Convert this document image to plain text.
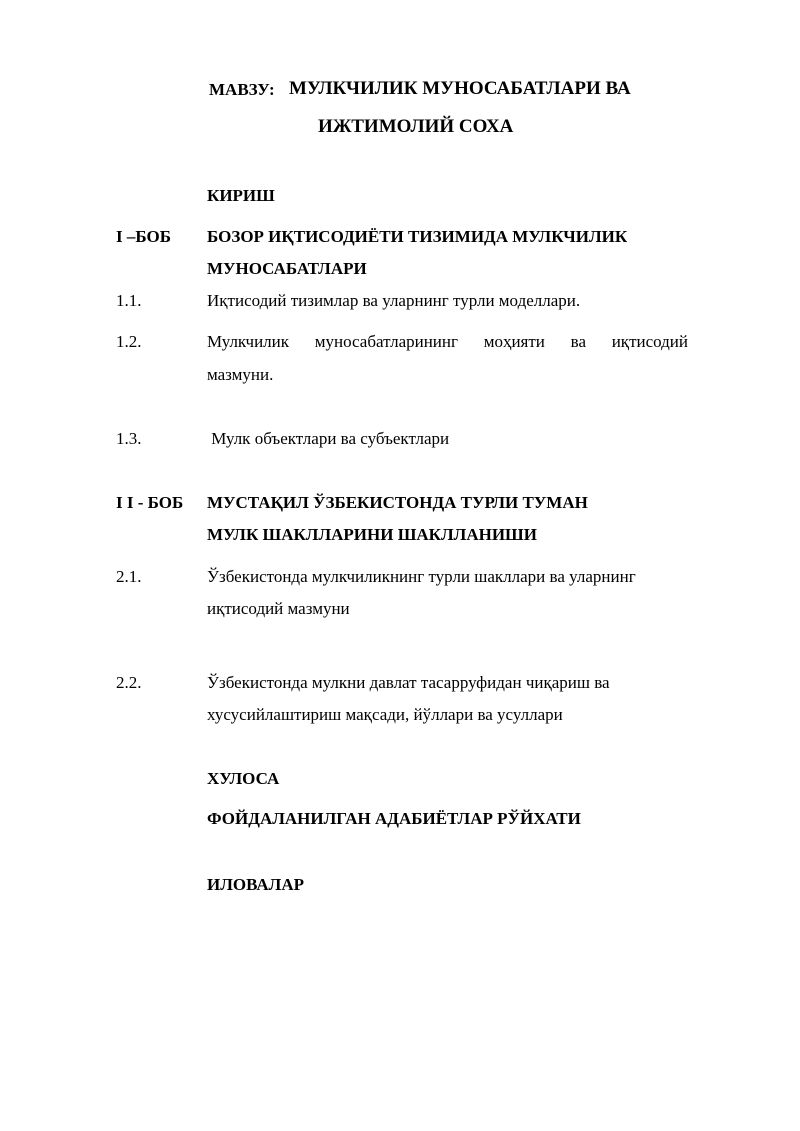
МАВЗУ: МУЛКЧИЛИК МУНОСАБАТЛАРИ ВА
ИЖТИМОЛИЙ СОХА
КИРИШ
I –БОБ БОЗОР ИҚТИСОДИЁТИ ТИЗИМИДА МУЛКЧИЛИК
МУНОСАБАТЛАРИ
1.1.	Иқтисодий тизимлар ва уларнинг турли моделлари.
1.2.	Мулкчилик муносабатларининг моҳияти ва иқтисодий
мазмуни.
1.3.	Мулк объектлари ва субъектлари
I I - БОБ МУСТАҚИЛ ЎЗБЕКИСТОНДА ТУРЛИ ТУМАН
МУЛК ШАКЛЛАРИНИ ШАКЛЛАНИШИ
2.1.	Ўзбекистонда мулкчиликнинг турли шакллари ва уларнинг
иқтисодий мазмуни
2.2.	Ўзбекистонда мулкни давлат тасарруфидан чиқариш ва
хусусийлаштириш мақсади, йўллари ва усуллари
ХУЛОСА
ФОЙДАЛАНИЛГАН АДАБИЁТЛАР РЎЙХАТИ
ИЛОВАЛАР
